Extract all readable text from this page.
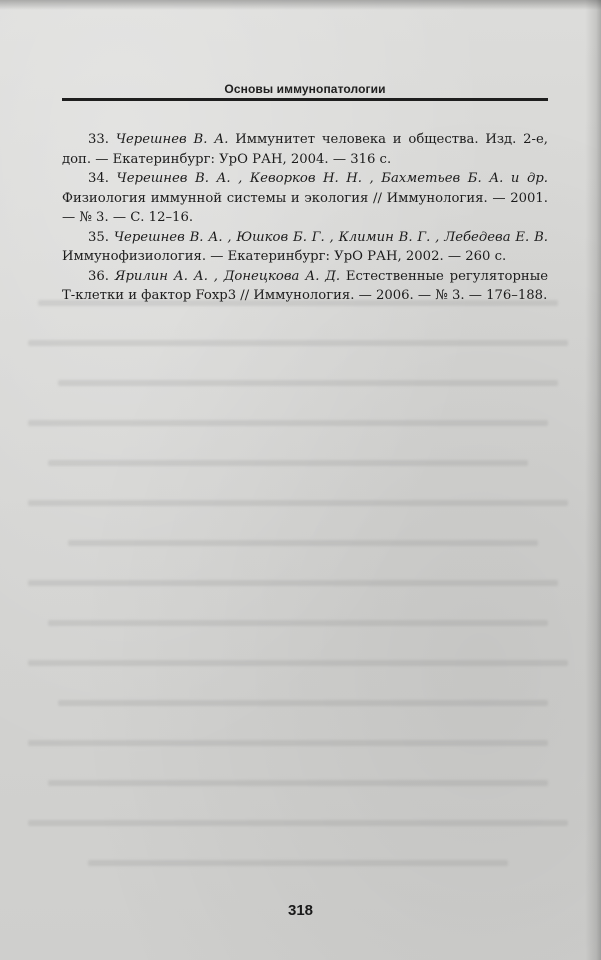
Основы иммунопатологии

33. Черешнев В. А. Иммунитет человека и общества. Изд. 2-е, доп. — Екатеринбург: УрО РАН, 2004. — 316 с.

34. Черешнев В. А. , Кеворков Н. Н. , Бахметьев Б. А. и др. Физиология иммунной системы и экология // Иммунология. — 2001. — № 3. — С. 12–16.

35. Черешнев В. А. , Юшков Б. Г. , Климин В. Г. , Лебедева Е. В. Иммунофизиология. — Екатеринбург: УрО РАН, 2002. — 260 с.

36. Ярилин А. А. , Донецкова А. Д. Естественные регуляторные Т-клетки и фактор Foxp3 // Иммунология. — 2006. — № 3. — 176–188.

318
